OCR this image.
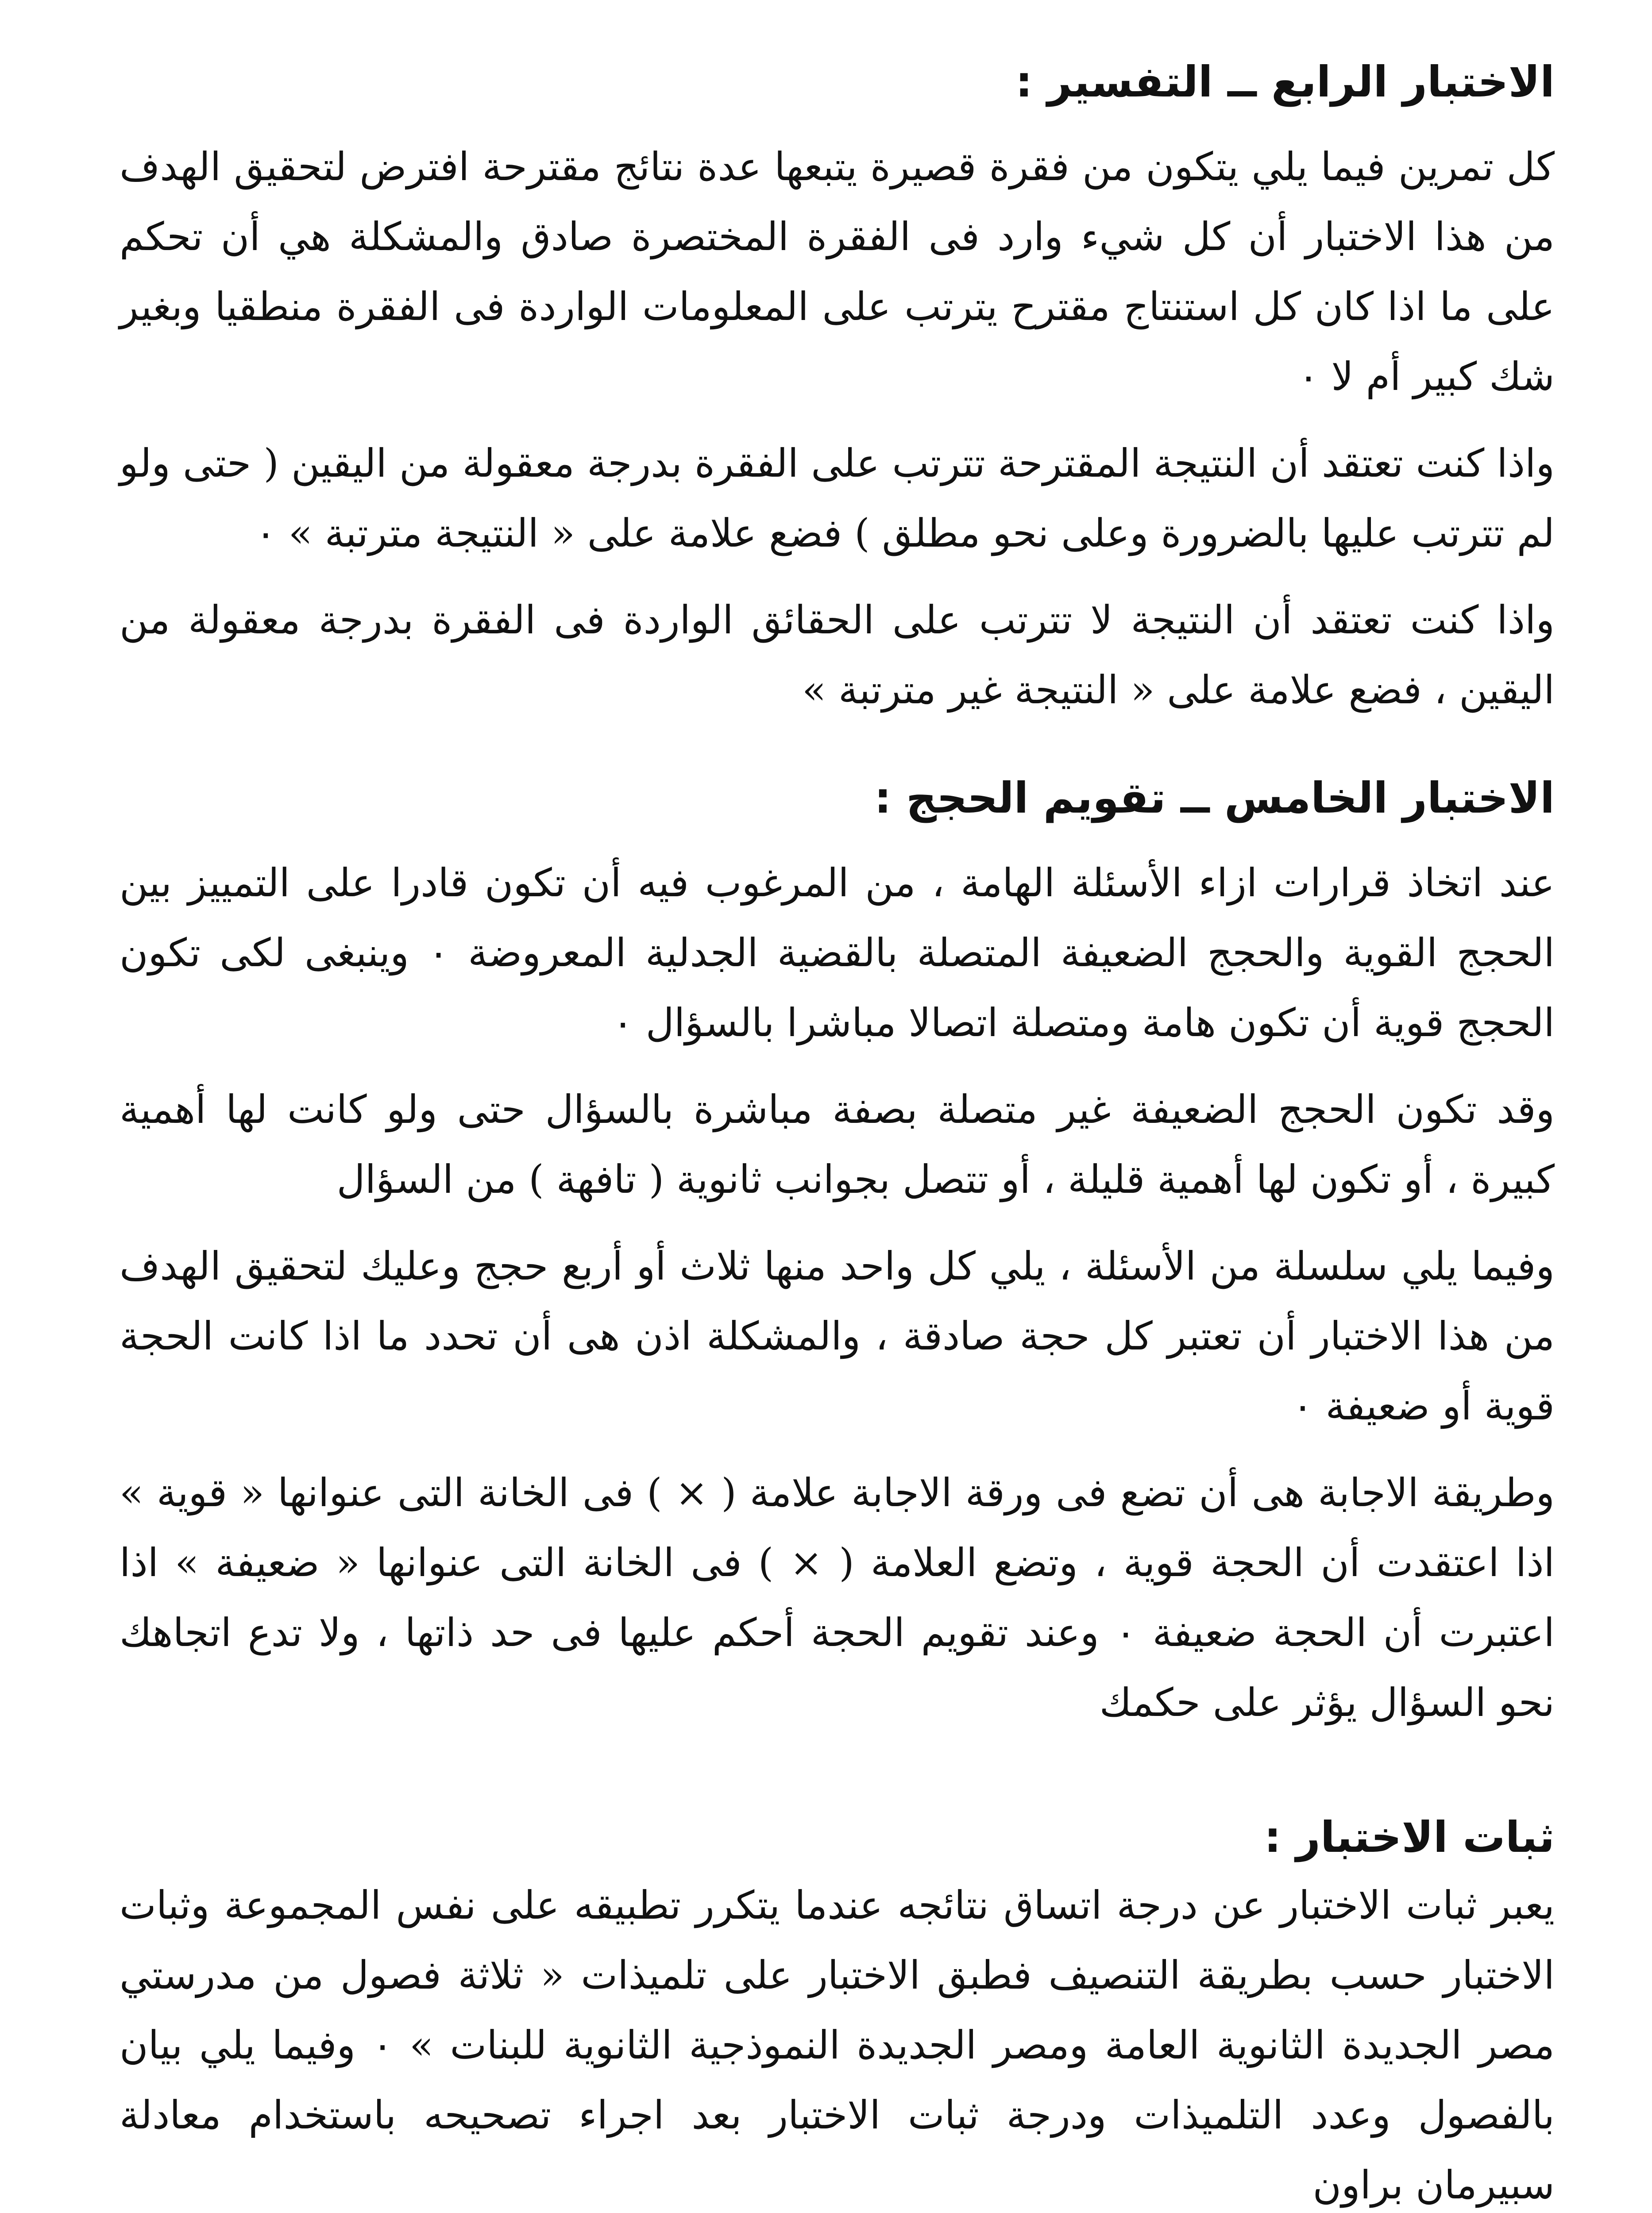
الاختبار الرابع ــ التفسير :

كل تمرين فيما يلي يتكون من فقرة قصيرة يتبعها عدة نتائج مقترحة افترض لتحقيق الهدف من هذا الاختبار أن كل شيء وارد فى الفقرة المختصرة صادق والمشكلة هي أن تحكم على ما اذا كان كل استنتاج مقترح يترتب على المعلومات الواردة فى الفقرة منطقيا وبغير شك كبير أم لا ٠

واذا كنت تعتقد أن النتيجة المقترحة تترتب على الفقرة بدرجة معقولة من اليقين ( حتى ولو لم تترتب عليها بالضرورة وعلى نحو مطلق ) فضع علامة على « النتيجة مترتبة » ٠

واذا كنت تعتقد أن النتيجة لا تترتب على الحقائق الواردة فى الفقرة بدرجة معقولة من اليقين ، فضع علامة على « النتيجة غير مترتبة »

الاختبار الخامس ــ تقويم الحجج :

عند اتخاذ قرارات ازاء الأسئلة الهامة ، من المرغوب فيه أن تكون قادرا على التمييز بين الحجج القوية والحجج الضعيفة المتصلة بالقضية الجدلية المعروضة ٠ وينبغى لكى تكون الحجج قوية أن تكون هامة ومتصلة اتصالا مباشرا بالسؤال ٠

وقد تكون الحجج الضعيفة غير متصلة بصفة مباشرة بالسؤال حتى ولو كانت لها أهمية كبيرة ، أو تكون لها أهمية قليلة ، أو تتصل بجوانب ثانوية ( تافهة ) من السؤال

وفيما يلي سلسلة من الأسئلة ، يلي كل واحد منها ثلاث أو أربع حجج وعليك لتحقيق الهدف من هذا الاختبار أن تعتبر كل حجة صادقة ، والمشكلة اذن هى أن تحدد ما اذا كانت الحجة قوية أو ضعيفة ٠

وطريقة الاجابة هى أن تضع فى ورقة الاجابة علامة ( × ) فى الخانة التى عنوانها « قوية » اذا اعتقدت أن الحجة قوية ، وتضع العلامة ( × ) فى الخانة التى عنوانها « ضعيفة » اذا اعتبرت أن الحجة ضعيفة ٠ وعند تقويم الحجة أحكم عليها فى حد ذاتها ، ولا تدع اتجاهك نحو السؤال يؤثر على حكمك

ثبات الاختبار :

يعبر ثبات الاختبار عن درجة اتساق نتائجه عندما يتكرر تطبيقه على نفس المجموعة وثبات الاختبار حسب بطريقة التنصيف فطبق الاختبار على تلميذات « ثلاثة فصول من مدرستي مصر الجديدة الثانوية العامة ومصر الجديدة النموذجية الثانوية للبنات » ٠ وفيما يلي بيان بالفصول وعدد التلميذات ودرجة ثبات الاختبار بعد اجراء تصحيحه باستخدام معادلة سبيرمان براون
